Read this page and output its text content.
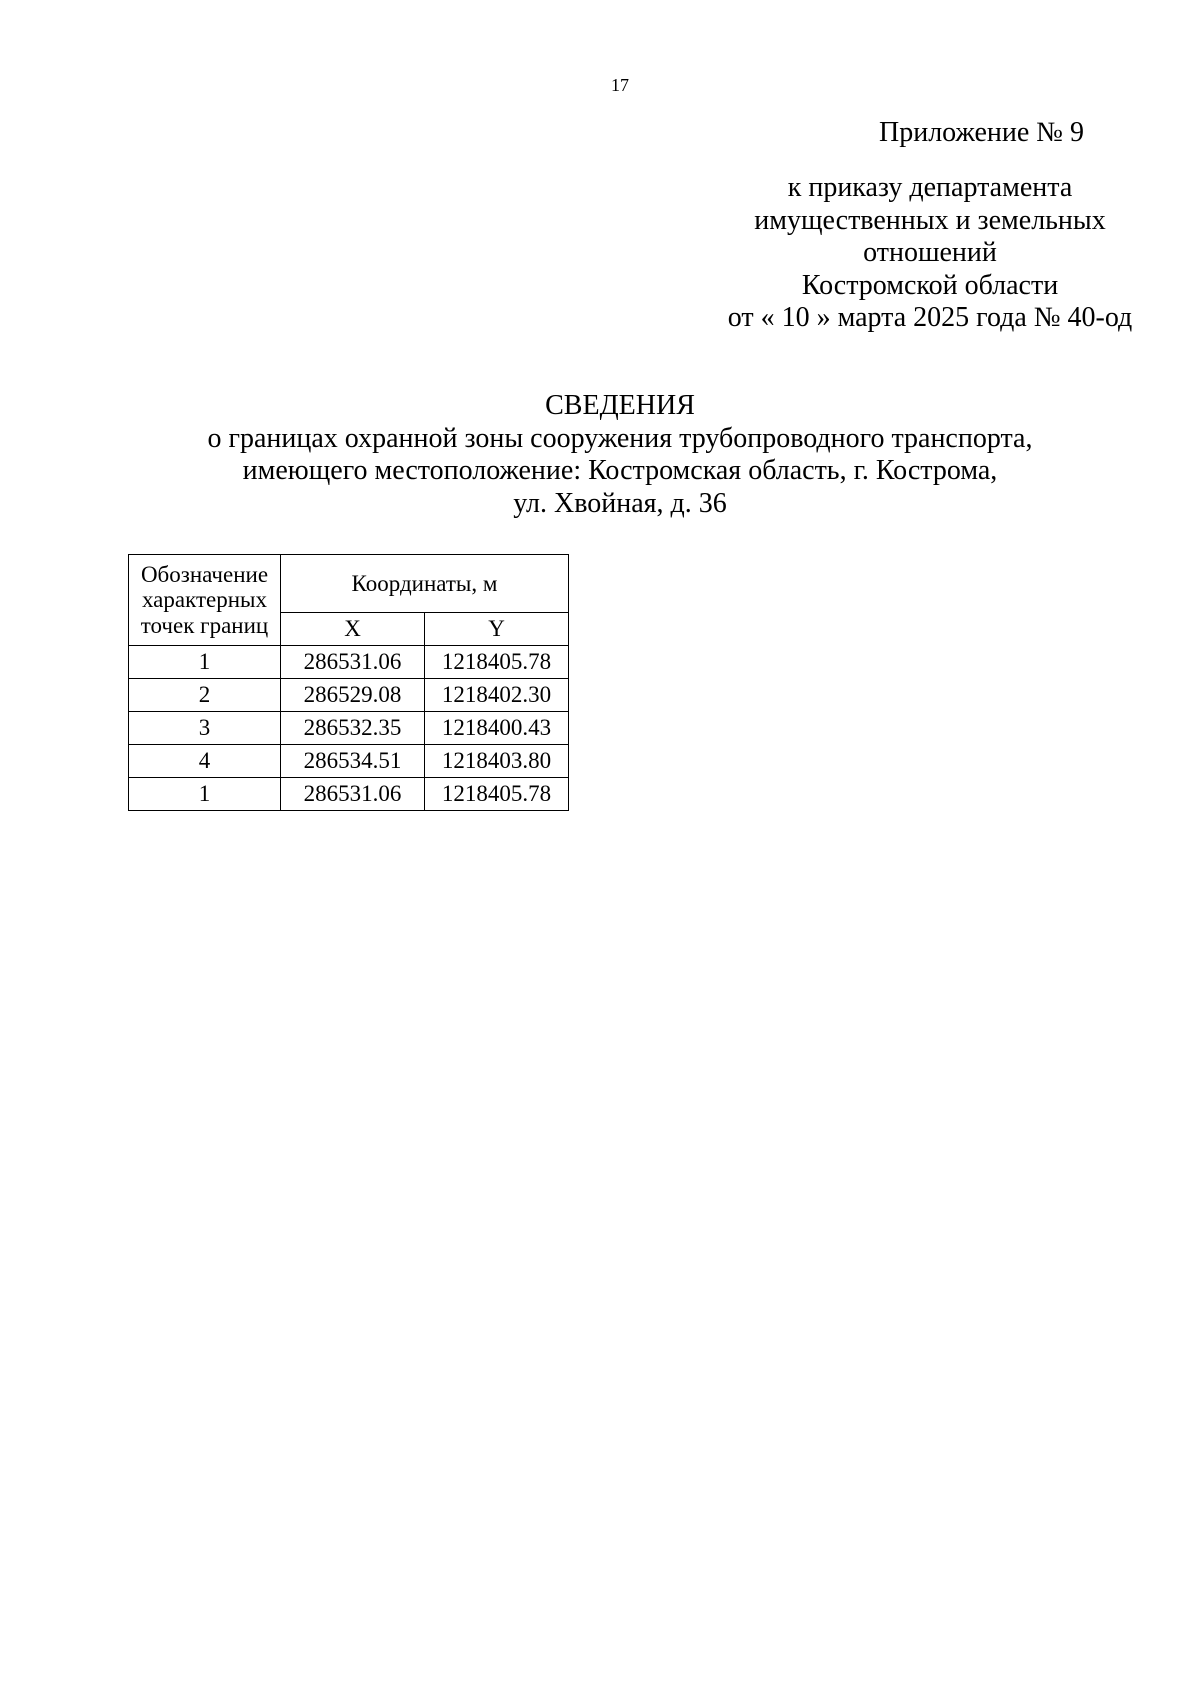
17
Приложение № 9
к приказу департамента
имущественных и земельных
отношений
Костромской области
от « 10 » марта 2025 года № 40-од
СВЕДЕНИЯ
о границах охранной зоны сооружения трубопроводного транспорта,
имеющего местоположение: Костромская область, г. Кострома,
ул. Хвойная, д. 36
Обозначение
характерных
точек границ	Координаты, м	
	X	Y
1	286531.06	1218405.78
2	286529.08	1218402.30
3	286532.35	1218400.43
4	286534.51	1218403.80
1	286531.06	1218405.78
